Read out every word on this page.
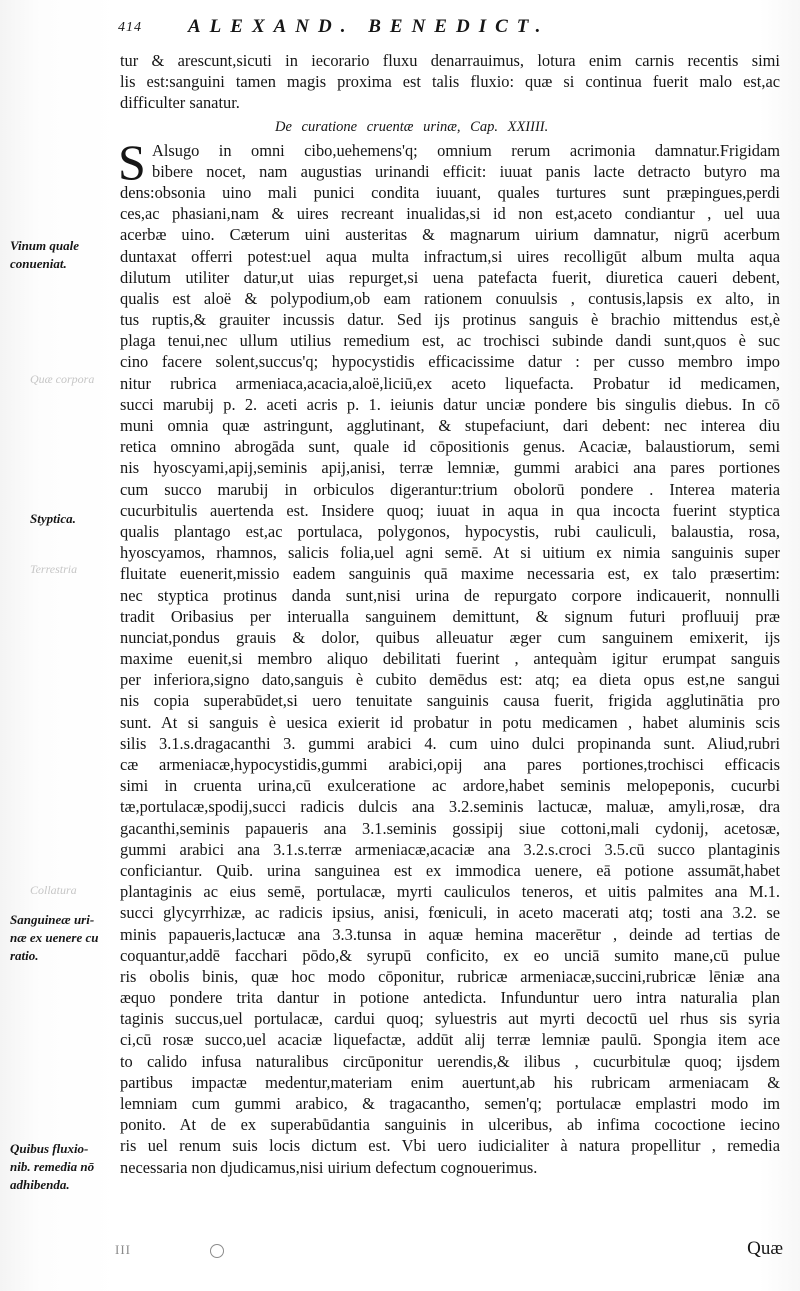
414 ALEXAND. BENEDICT.
Quæ corpora
Terrestria
Collatura
Vinum quale
conueniat.
Styptica.
Sanguineæ uri-
næ ex uenere cu
ratio.
Quibus fluxio-
nib. remedia nō
adhibenda.
tur & arescunt,sicuti in iecorario fluxu denarrauimus, lotura enim carnis recentis simi
lis est:sanguini tamen magis proxima est talis fluxio: quæ si continua fuerit malo est,ac
difficulter sanatur.
De curatione cruentæ urinæ, Cap. XXIIII.
S Alsugo in omni cibo,uehemens'q; omnium rerum acrimonia damnatur.Frigidam
bibere nocet, nam augustias urinandi efficit: iuuat panis lacte detracto butyro ma
dens:obsonia uino mali punici condita iuuant, quales turtures sunt præpingues,perdi
ces,ac phasiani,nam & uires recreant inualidas,si id non est,aceto condiantur , uel uua
acerbæ uino. Cæterum uini austeritas & magnarum uirium damnatur, nigrū acerbum
duntaxat offerri potest:uel aqua multa infractum,si uires recolligūt album multa aqua
dilutum utiliter datur,ut uias repurget,si uena patefacta fuerit, diuretica caueri debent,
qualis est aloë & polypodium,ob eam rationem conuulsis , contusis,lapsis ex alto, in
tus ruptis,& grauiter incussis datur. Sed ijs protinus sanguis è brachio mittendus est,è
plaga tenui,nec ullum utilius remedium est, ac trochisci subinde dandi sunt,quos è suc
cino facere solent,succus'q; hypocystidis efficacissime datur : per cusso membro impo
nitur rubrica armeniaca,acacia,aloë,liciū,ex aceto liquefacta. Probatur id medicamen,
succi marubij p. 2. aceti acris p. 1. ieiunis datur unciæ pondere bis singulis diebus. In cō
muni omnia quæ astringunt, agglutinant, & stupefaciunt, dari debent: nec interea diu
retica omnino abrogāda sunt, quale id cōpositionis genus. Acaciæ, balaustiorum, semi
nis hyoscyami,apij,seminis apij,anisi, terræ lemniæ, gummi arabici ana pares portiones
cum succo marubij in orbiculos digerantur:trium obolorū pondere . Interea materia
cucurbitulis auertenda est. Insidere quoq; iuuat in aqua in qua incocta fuerint styptica
qualis plantago est,ac portulaca, polygonos, hypocystis, rubi cauliculi, balaustia, rosa,
hyoscyamos, rhamnos, salicis folia,uel agni semē. At si uitium ex nimia sanguinis super
fluitate euenerit,missio eadem sanguinis quā maxime necessaria est, ex talo præsertim:
nec styptica protinus danda sunt,nisi urina de repurgato corpore indicauerit, nonnulli
tradit Oribasius per interualla sanguinem demittunt, & signum futuri profluuij præ
nunciat,pondus grauis & dolor, quibus alleuatur æger cum sanguinem emixerit, ijs
maxime euenit,si membro aliquo debilitati fuerint , antequàm igitur erumpat sanguis
per inferiora,signo dato,sanguis è cubito demēdus est: atq; ea dieta opus est,ne sangui
nis copia superabūdet,si uero tenuitate sanguinis causa fuerit, frigida agglutinātia pro
sunt. At si sanguis è uesica exierit id probatur in potu medicamen , habet aluminis scis
silis 3.1.s.dragacanthi 3. gummi arabici 4. cum uino dulci propinanda sunt. Aliud,rubri
cæ armeniacæ,hypocystidis,gummi arabici,opij ana pares portiones,trochisci efficacis
simi in cruenta urina,cū exulceratione ac ardore,habet seminis melopeponis, cucurbi
tæ,portulacæ,spodij,succi radicis dulcis ana 3.2.seminis lactucæ, maluæ, amyli,rosæ, dra
gacanthi,seminis papaueris ana 3.1.seminis gossipij siue cottoni,mali cydonij, acetosæ,
gummi arabici ana 3.1.s.terræ armeniacæ,acaciæ ana 3.2.s.croci 3.5.cū succo plantaginis
conficiantur. Quib. urina sanguinea est ex immodica uenere, eā potione assumāt,habet
plantaginis ac eius semē, portulacæ, myrti cauliculos teneros, et uitis palmites ana M.1.
succi glycyrrhizæ, ac radicis ipsius, anisi, fœniculi, in aceto macerati atq; tosti ana 3.2. se
minis papaueris,lactucæ ana 3.3.tunsa in aquæ hemina macerētur , deinde ad tertias de
coquantur,addē facchari pōdo,& syrupū conficito, ex eo unciā sumito mane,cū pulue
ris obolis binis, quæ hoc modo cōponitur, rubricæ armeniacæ,succini,rubricæ lēniæ ana
æquo pondere trita dantur in potione antedicta. Infunduntur uero intra naturalia plan
taginis succus,uel portulacæ, cardui quoq; syluestris aut myrti decoctū uel rhus sis syria
ci,cū rosæ succo,uel acaciæ liquefactæ, addūt alij terræ lemniæ paulū. Spongia item ace
to calido infusa naturalibus circūponitur uerendis,& ilibus , cucurbitulæ quoq; ijsdem
partibus impactæ medentur,materiam enim auertunt,ab his rubricam armeniacam &
lemniam cum gummi arabico, & tragacantho, semen'q; portulacæ emplastri modo im
ponito. At de ex superabūdantia sanguinis in ulceribus, ab infima cococtione iecino
ris uel renum suis locis dictum est. Vbi uero iudicialiter à natura propellitur , remedia
necessaria non djudicamus,nisi uirium defectum cognouerimus.
III	Quæ
